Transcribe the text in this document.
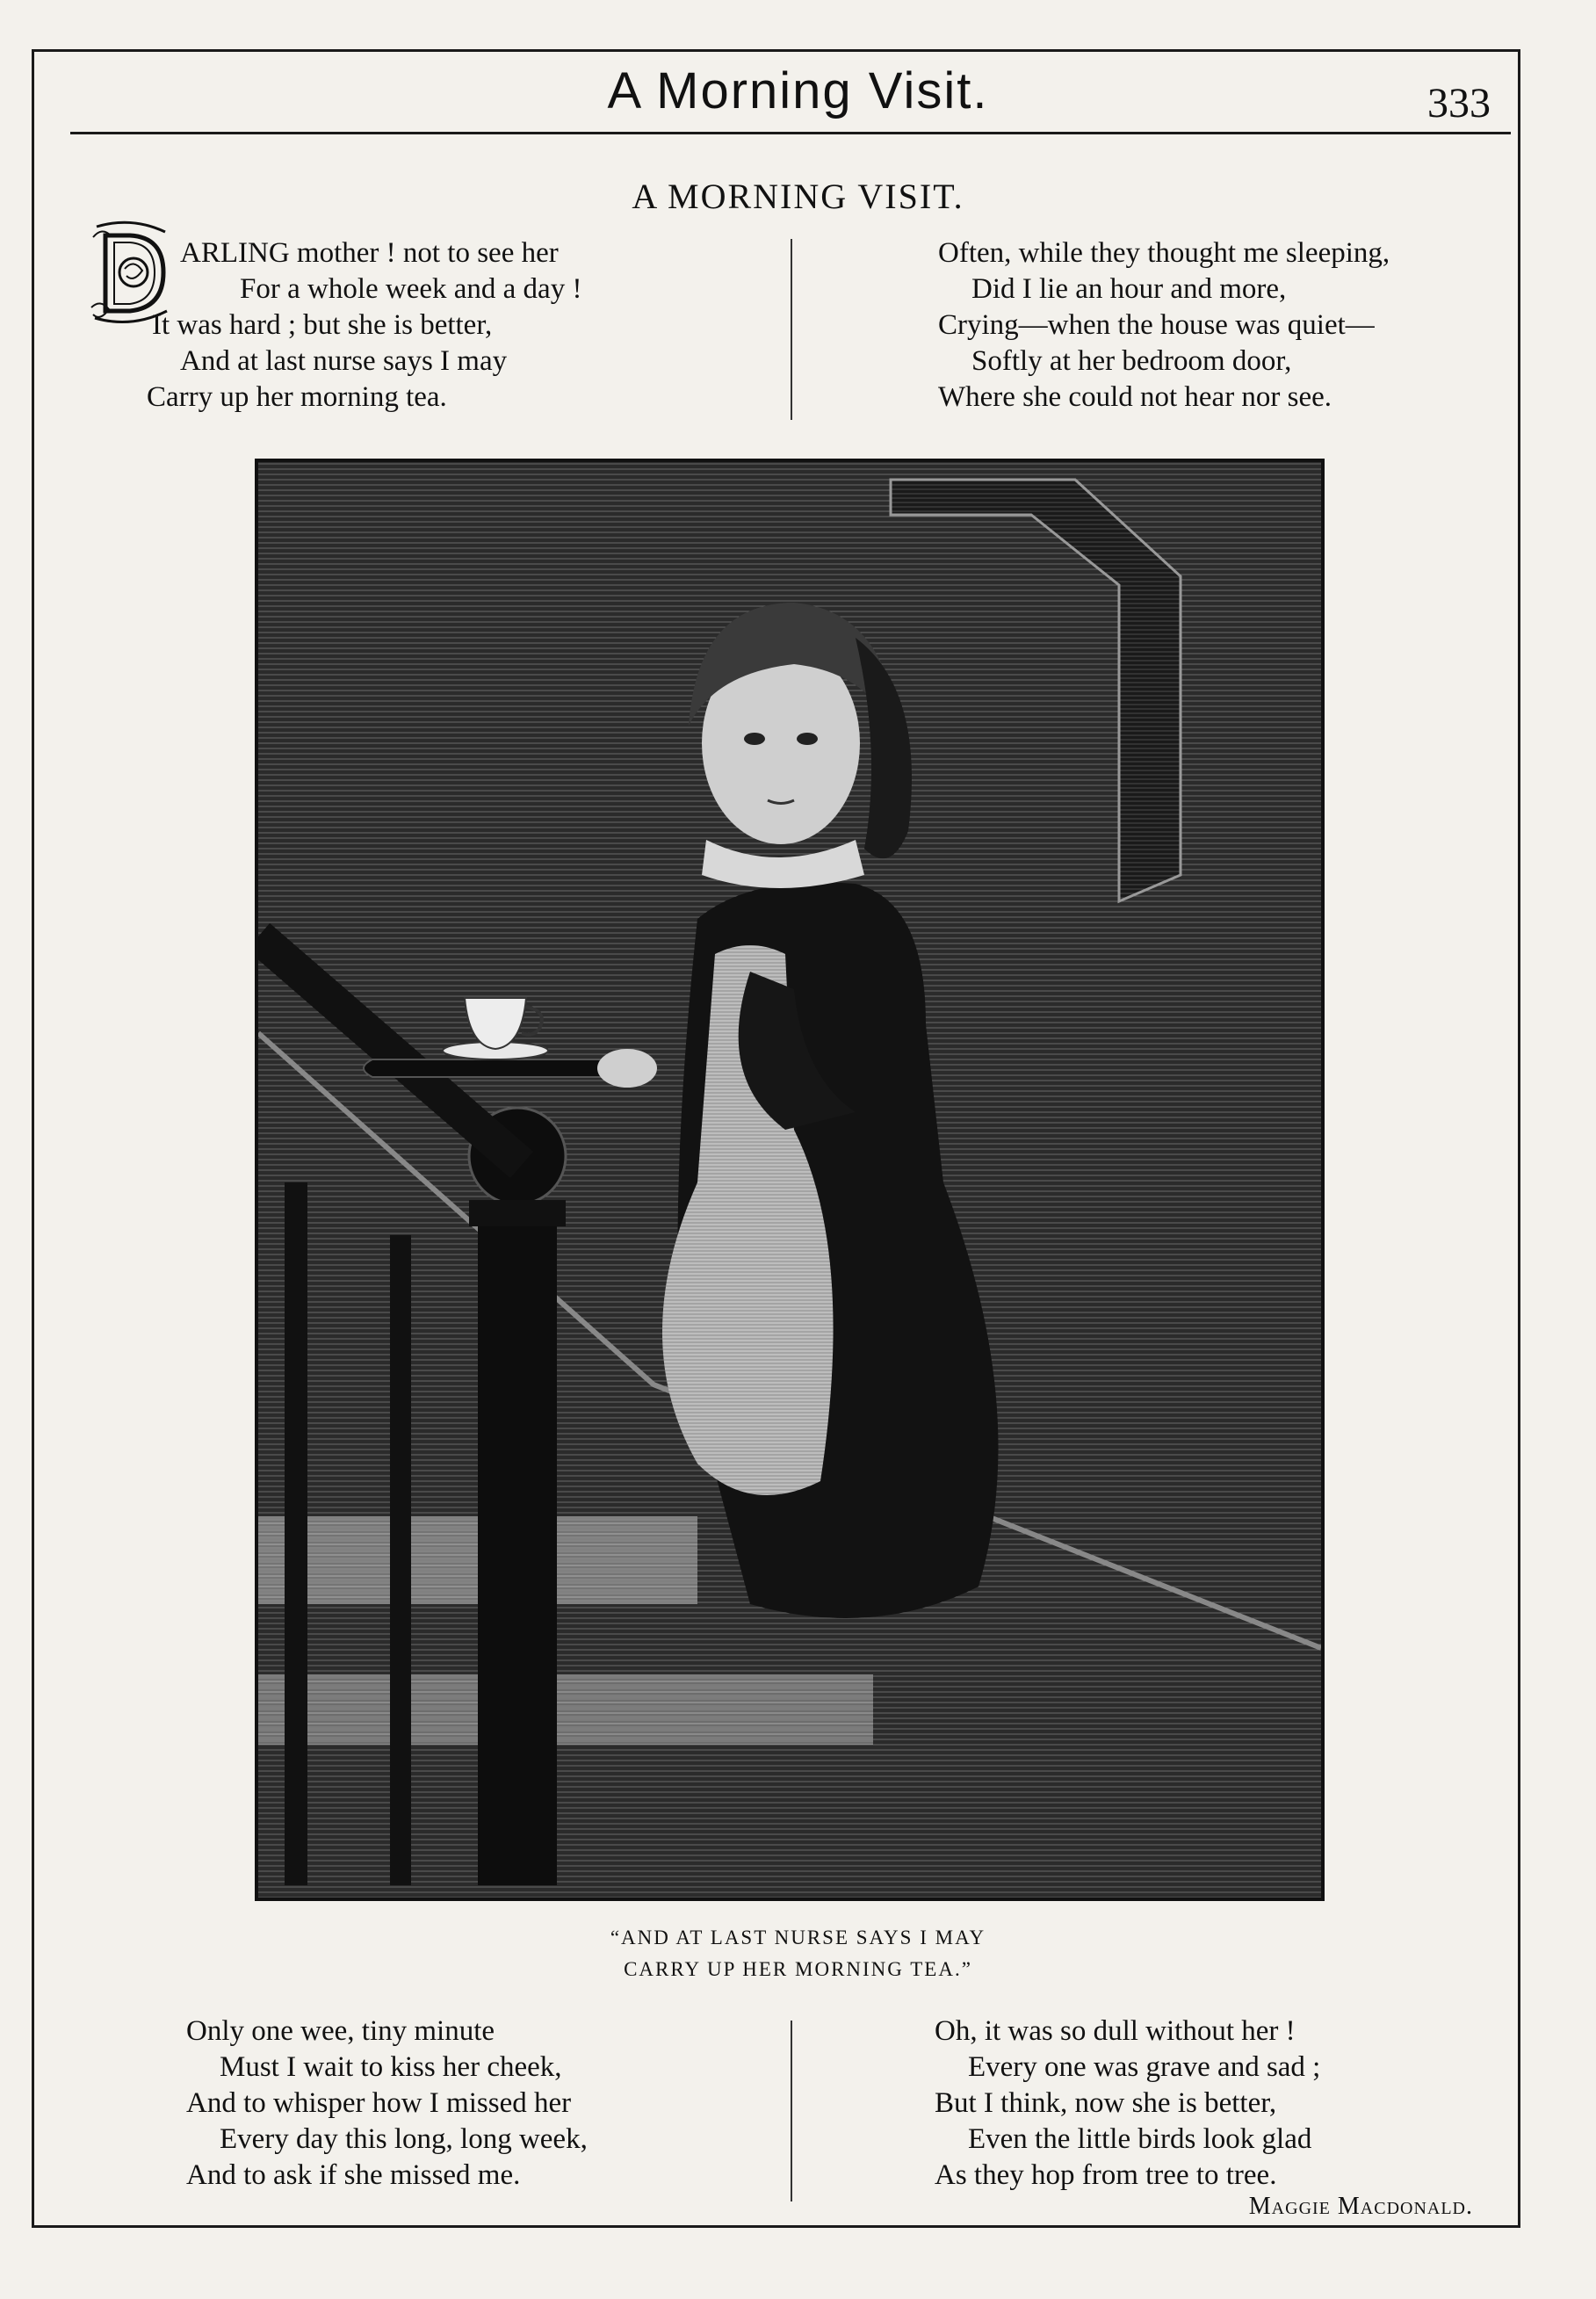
A Morning Visit.	333
A MORNING VISIT.
ARLING mother ! not to see her
For a whole week and a day !
It was hard ; but she is better,
And at last nurse says I may
Carry up her morning tea.
Often, while they thought me sleeping,
Did I lie an hour and more,
Crying—when the house was quiet—
Softly at her bedroom door,
Where she could not hear nor see.
“AND AT LAST NURSE SAYS I MAY
CARRY UP HER MORNING TEA.”
Only one wee, tiny minute
Must I wait to kiss her cheek,
And to whisper how I missed her
Every day this long, long week,
And to ask if she missed me.
Oh, it was so dull without her !
Every one was grave and sad ;
But I think, now she is better,
Even the little birds look glad
As they hop from tree to tree.
Maggie Macdonald.
